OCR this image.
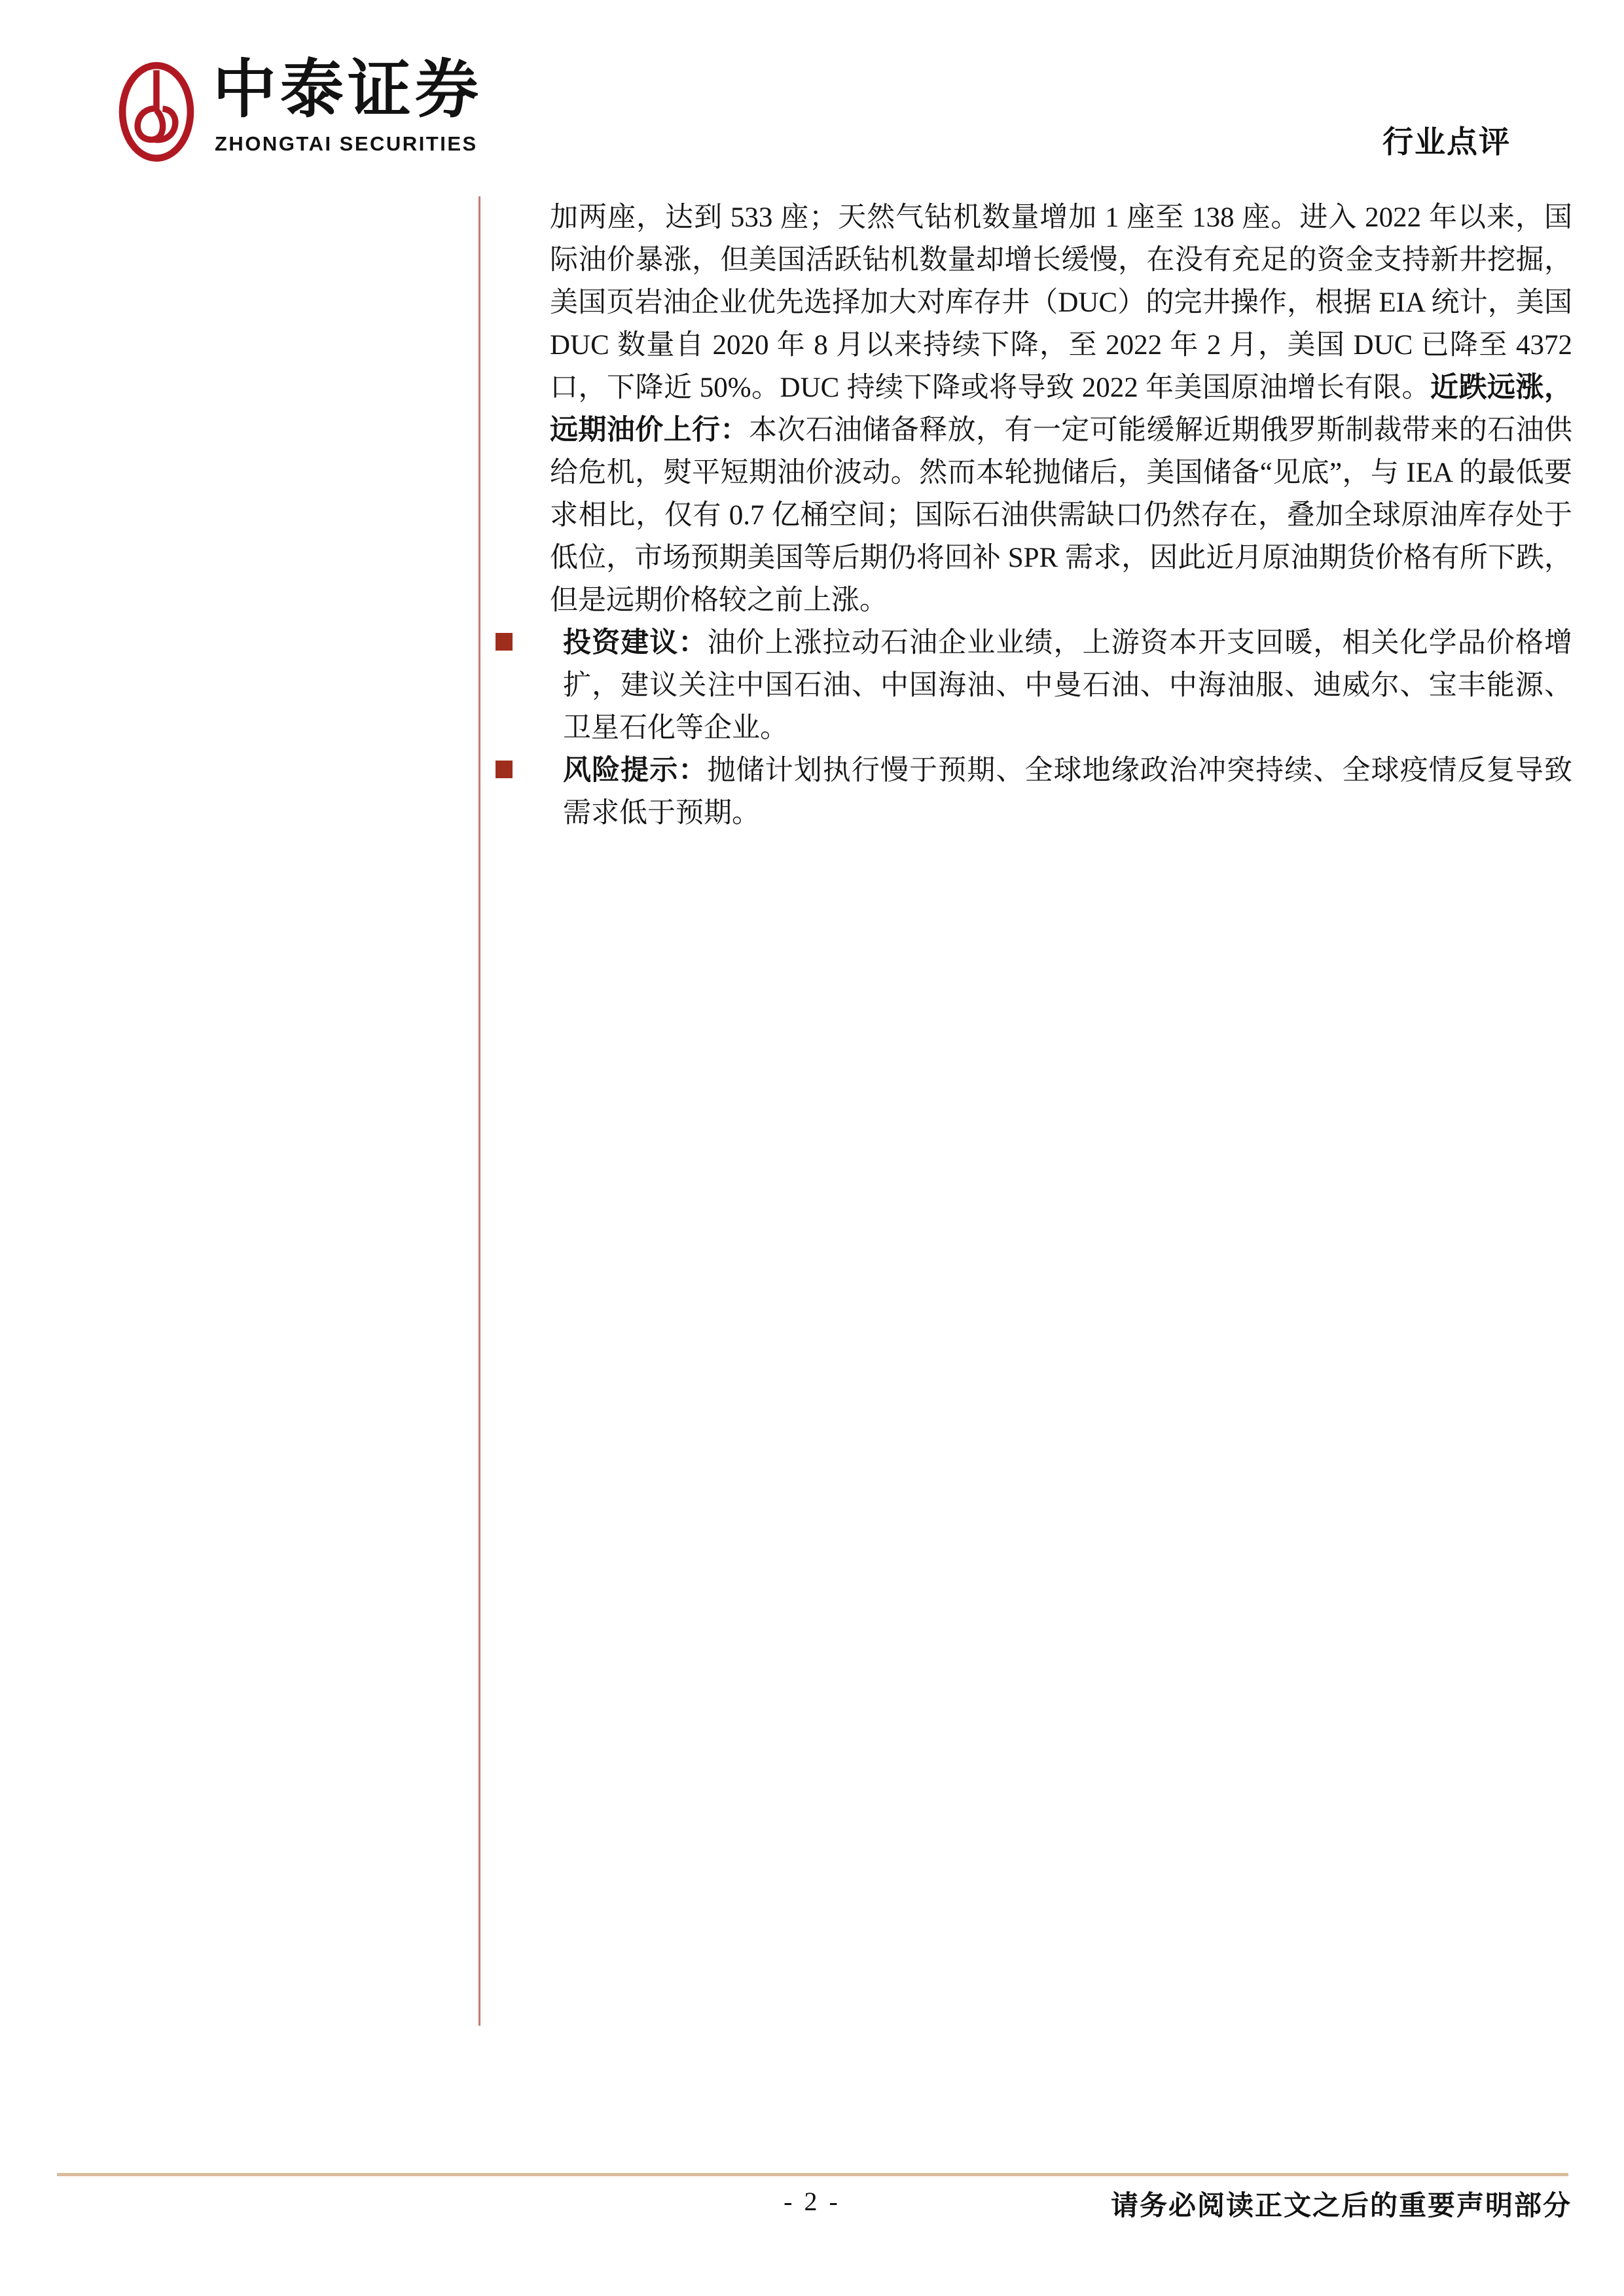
中泰证券
ZHONGTAI SECURITIES	行业点评
加两座，达到 533 座；天然气钻机数量增加 1 座至 138 座。进入 2022 年以来，国际油价暴涨，但美国活跃钻机数量却增长缓慢，在没有充足的资金支持新井挖掘，美国页岩油企业优先选择加大对库存井（DUC）的完井操作，根据 EIA 统计，美国 DUC 数量自 2020 年 8 月以来持续下降，至 2022 年 2 月，美国 DUC 已降至 4372 口，下降近 50%。DUC 持续下降或将导致 2022 年美国原油增长有限。近跌远涨，远期油价上行：本次石油储备释放，有一定可能缓解近期俄罗斯制裁带来的石油供给危机，熨平短期油价波动。然而本轮抛储后，美国储备“见底”，与 IEA 的最低要求相比，仅有 0.7 亿桶空间；国际石油供需缺口仍然存在，叠加全球原油库存处于低位，市场预期美国等后期仍将回补 SPR 需求，因此近月原油期货价格有所下跌，但是远期价格较之前上涨。
投资建议：油价上涨拉动石油企业业绩，上游资本开支回暖，相关化学品价格增扩，建议关注中国石油、中国海油、中曼石油、中海油服、迪威尔、宝丰能源、卫星石化等企业。
风险提示：抛储计划执行慢于预期、全球地缘政治冲突持续、全球疫情反复导致需求低于预期。
- 2 -	请务必阅读正文之后的重要声明部分
